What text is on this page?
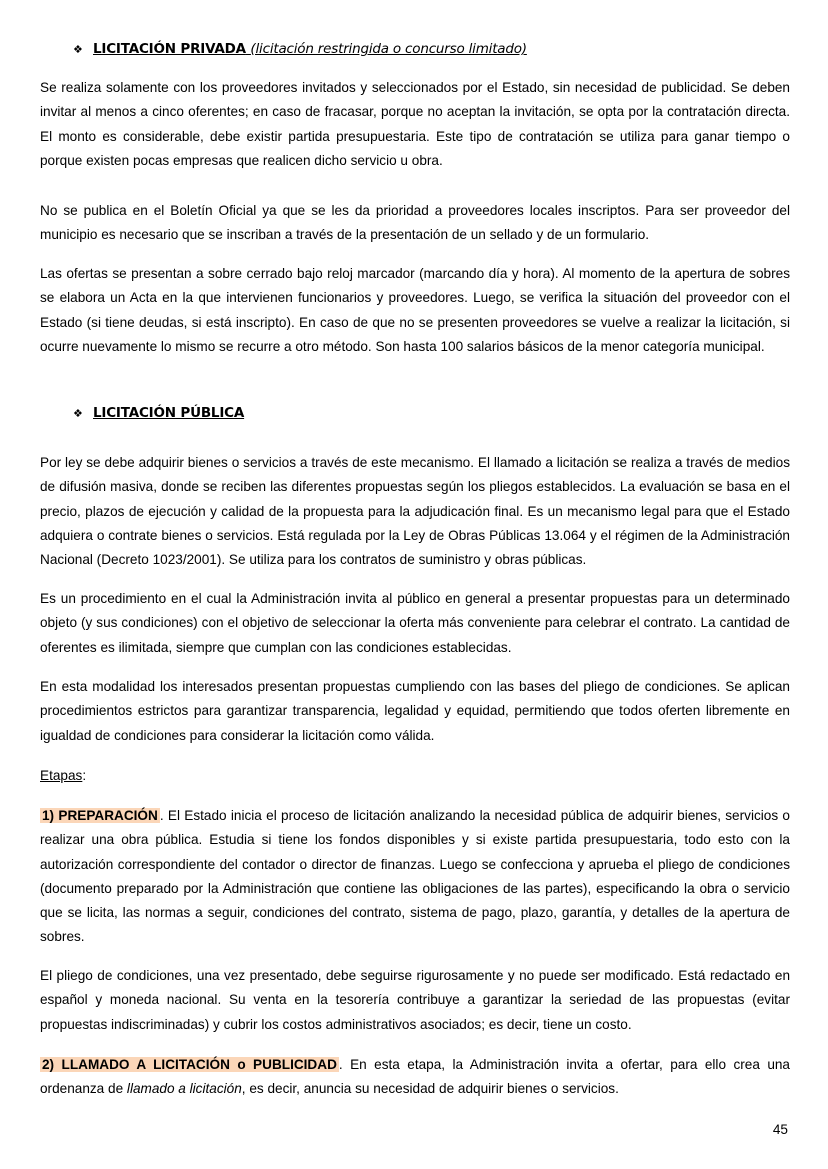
❖ LICITACIÓN PRIVADA (licitación restringida o concurso limitado)

Se realiza solamente con los proveedores invitados y seleccionados por el Estado, sin necesidad de publicidad. Se deben invitar al menos a cinco oferentes; en caso de fracasar, porque no aceptan la invitación, se opta por la contratación directa. El monto es considerable, debe existir partida presupuestaria. Este tipo de contratación se utiliza para ganar tiempo o porque existen pocas empresas que realicen dicho servicio u obra.

No se publica en el Boletín Oficial ya que se les da prioridad a proveedores locales inscriptos. Para ser proveedor del municipio es necesario que se inscriban a través de la presentación de un sellado y de un formulario.

Las ofertas se presentan a sobre cerrado bajo reloj marcador (marcando día y hora). Al momento de la apertura de sobres se elabora un Acta en la que intervienen funcionarios y proveedores. Luego, se verifica la situación del proveedor con el Estado (si tiene deudas, si está inscripto). En caso de que no se presenten proveedores se vuelve a realizar la licitación, si ocurre nuevamente lo mismo se recurre a otro método. Son hasta 100 salarios básicos de la menor categoría municipal.

❖ LICITACIÓN PÚBLICA

Por ley se debe adquirir bienes o servicios a través de este mecanismo. El llamado a licitación se realiza a través de medios de difusión masiva, donde se reciben las diferentes propuestas según los pliegos establecidos. La evaluación se basa en el precio, plazos de ejecución y calidad de la propuesta para la adjudicación final. Es un mecanismo legal para que el Estado adquiera o contrate bienes o servicios. Está regulada por la Ley de Obras Públicas 13.064 y el régimen de la Administración Nacional (Decreto 1023/2001). Se utiliza para los contratos de suministro y obras públicas.

Es un procedimiento en el cual la Administración invita al público en general a presentar propuestas para un determinado objeto (y sus condiciones) con el objetivo de seleccionar la oferta más conveniente para celebrar el contrato. La cantidad de oferentes es ilimitada, siempre que cumplan con las condiciones establecidas.

En esta modalidad los interesados presentan propuestas cumpliendo con las bases del pliego de condiciones. Se aplican procedimientos estrictos para garantizar transparencia, legalidad y equidad, permitiendo que todos oferten libremente en igualdad de condiciones para considerar la licitación como válida.

Etapas:

1) PREPARACIÓN . El Estado inicia el proceso de licitación analizando la necesidad pública de adquirir bienes, servicios o realizar una obra pública. Estudia si tiene los fondos disponibles y si existe partida presupuestaria, todo esto con la autorización correspondiente del contador o director de finanzas. Luego se confecciona y aprueba el pliego de condiciones (documento preparado por la Administración que contiene las obligaciones de las partes), especificando la obra o servicio que se licita, las normas a seguir, condiciones del contrato, sistema de pago, plazo, garantía, y detalles de la apertura de sobres.

El pliego de condiciones, una vez presentado, debe seguirse rigurosamente y no puede ser modificado. Está redactado en español y moneda nacional. Su venta en la tesorería contribuye a garantizar la seriedad de las propuestas (evitar propuestas indiscriminadas) y cubrir los costos administrativos asociados; es decir, tiene un costo.

2) LLAMADO A LICITACIÓN o PUBLICIDAD . En esta etapa, la Administración invita a ofertar, para ello crea una ordenanza de llamado a licitación, es decir, anuncia su necesidad de adquirir bienes o servicios.

45
